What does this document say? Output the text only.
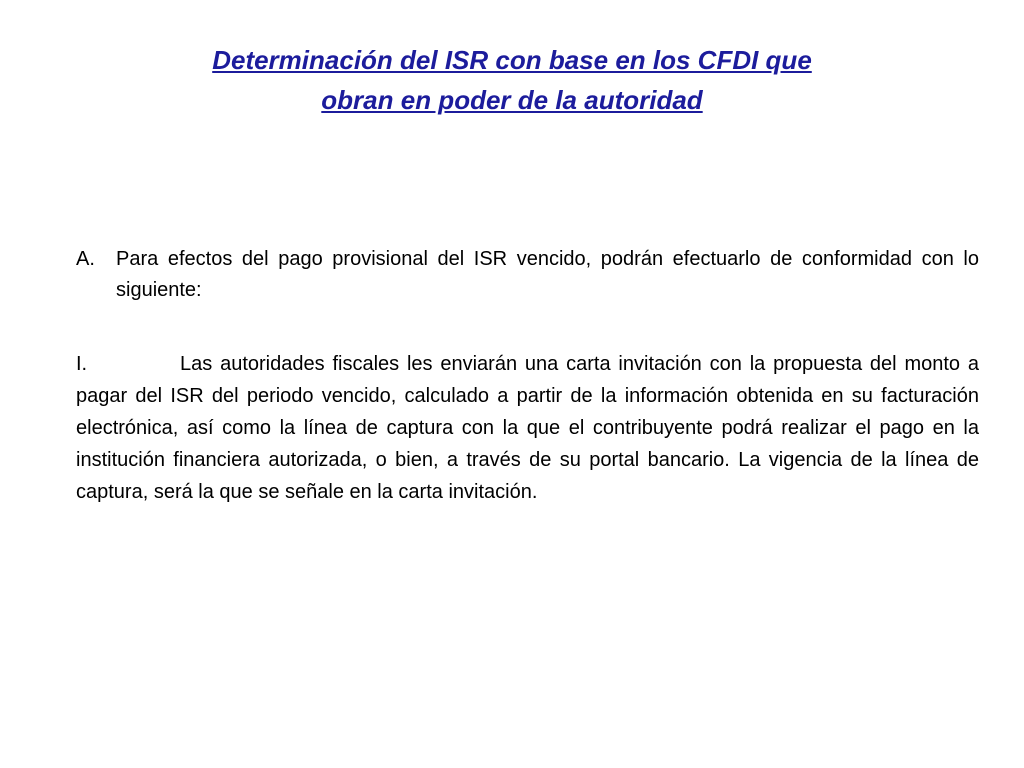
Determinación del ISR con base en los CFDI que
obran en poder de la autoridad
A. Para efectos del pago provisional del ISR vencido, podrán efectuarlo de conformidad con lo siguiente:
I.	Las autoridades fiscales les enviarán una carta invitación con la propuesta del monto a pagar del ISR del periodo vencido, calculado a partir de la información obtenida en su facturación electrónica, así como la línea de captura con la que el contribuyente podrá realizar el pago en la institución financiera autorizada, o bien, a través de su portal bancario. La vigencia de la línea de captura, será la que se señale en la carta invitación.
